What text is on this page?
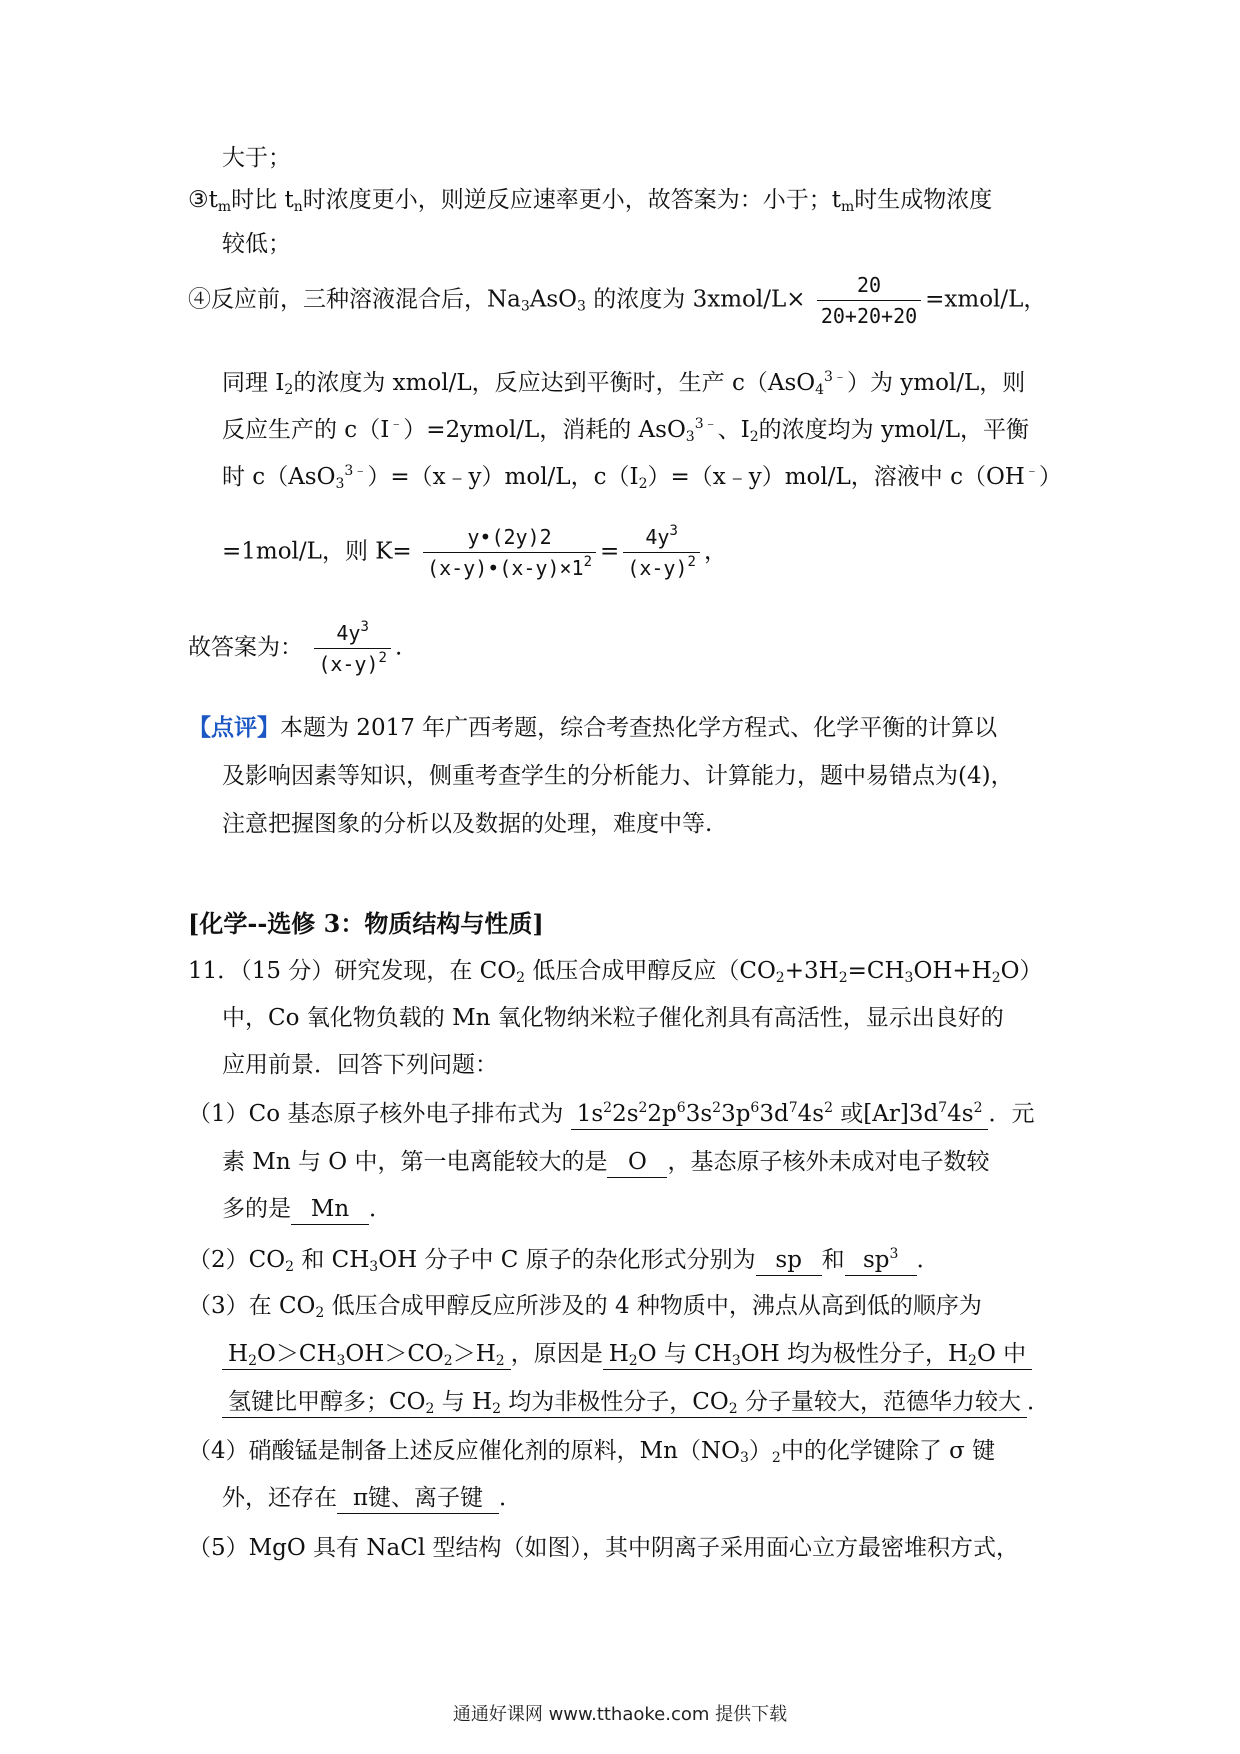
大于；
$③t_m$时比 $t_n$时浓度更小，则逆反应速率更小，故答案为：小于；$t_m$时生成物浓度
较低；
④反应前，三种溶液混合后，$Na_3AsO_3$ 的浓度为 3xmol/L× $\frac{20}{20+20+20}$ =xmol/L，
同理 $I_2$的浓度为 xmol/L，反应达到平衡时，生产 c（AsO$_4^{3﹣}$）为 ymol/L，则
反应生产的 c（I﹣）=2ymol/L，消耗的 AsO$_3^{3﹣}$、$I_2$的浓度均为 ymol/L，平衡
时 c（AsO$_3^{3﹣}$）=（x﹣y）mol/L，$c(I_2)=(x﹣y)mol/L$，溶液中 c（OH﹣）
=1mol/L，则 $K= \frac{y•(2y)2}{(x-y)•(x-y)\times 1^2} = \frac{4y^3}{(x-y)^2}$ ，
故答案为： $\frac{4y^3}{(x-y)^2}$ .
【点评】本题为 2017 年广西考题，综合考查热化学方程式、化学平衡的计算以
及影响因素等知识，侧重考查学生的分析能力、计算能力，题中易错点为(4)，
注意把握图象的分析以及数据的处理，难度中等.
[化学--选修 3：物质结构与性质]
11．（15 分）研究发现，在 $CO_2$ 低压合成甲醇反应$(CO_2+3H_2=CH_3OH+H_2O)$
中，Co 氧化物负载的 Mn 氧化物纳米粒子催化剂具有高活性，显示出良好的
应用前景．回答下列问题：
（1）Co 基态原子核外电子排布式为 $1s^22s^22p^63s^23p^63d^74s^2$ 或$[Ar]3d^74s^2$ ．元
素 Mn 与 O 中，第一电离能较大的是 O ，基态原子核外未成对电子数较
多的是 Mn ．
$(2)CO_2$ 和 $CH_3OH$ 分子中 C 原子的杂化形式分别为 sp 和 $sp^3$ ．
（3）在 $CO_2$ 低压合成甲醇反应所涉及的 4 种物质中，沸点从高到低的顺序为
$H_2O>CH_3OH>CO_2>H_2$ ，原因是 $H_2O$ 与 $CH_3OH$ 均为极性分子，$H_2O$ 中
氢键比甲醇多；$CO_2$ 与 $H_2$ 均为非极性分子，$CO_2$ 分子量较大，范德华力较大 ．
（4）硝酸锰是制备上述反应催化剂的原料，$Mn(NO_3)_2$中的化学键除了 σ 键
外，还存在 π键、离子键 ．
（5）MgO 具有 NaCl 型结构（如图），其中阴离子采用面心立方最密堆积方式，
通通好课网 www.tthaoke.com 提供下载
